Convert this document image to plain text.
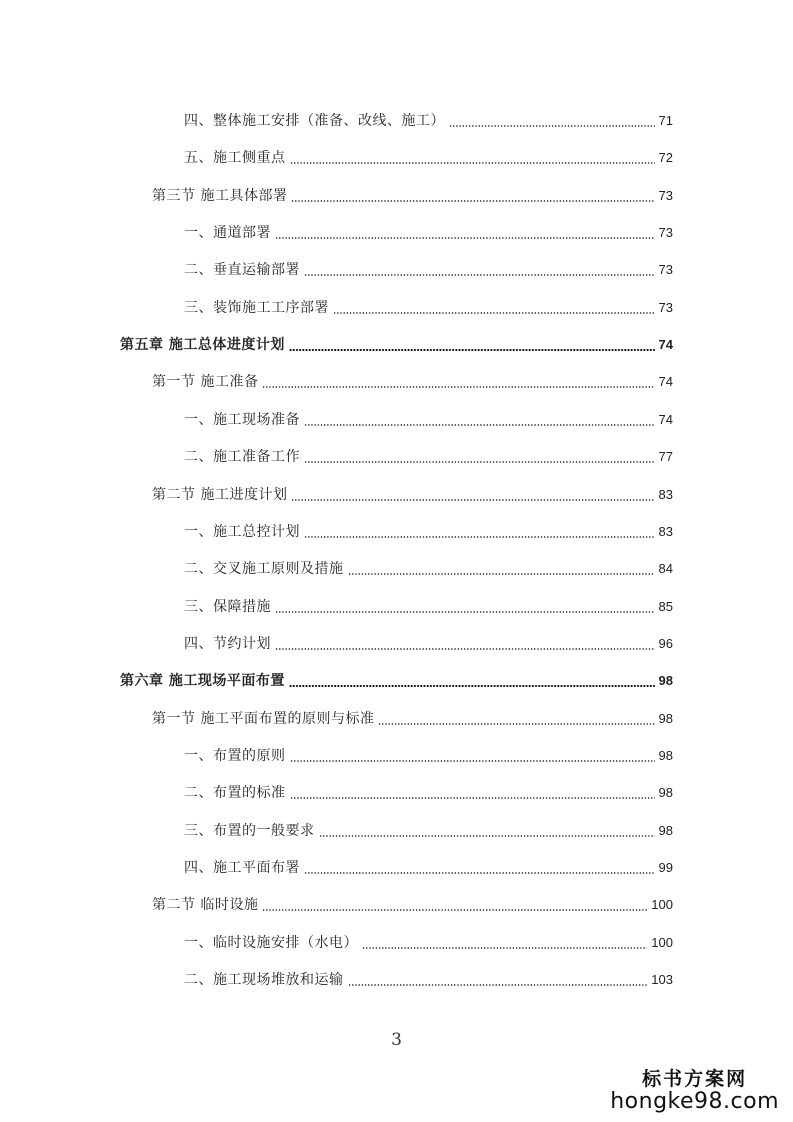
四、整体施工安排（准备、改线、施工）	71
五、施工侧重点	72
第三节 施工具体部署	73
一、通道部署	73
二、垂直运输部署	73
三、装饰施工工序部署	73
第五章 施工总体进度计划	74
第一节 施工准备	74
一、施工现场准备	74
二、施工准备工作	77
第二节 施工进度计划	83
一、施工总控计划	83
二、交叉施工原则及措施	84
三、保障措施	85
四、节约计划	96
第六章 施工现场平面布置	98
第一节 施工平面布置的原则与标准	98
一、布置的原则	98
二、布置的标准	98
三、布置的一般要求	98
四、施工平面布署	99
第二节 临时设施	100
一、临时设施安排（水电）	100
二、施工现场堆放和运输	103
3
标书方案网
hongke98.com
